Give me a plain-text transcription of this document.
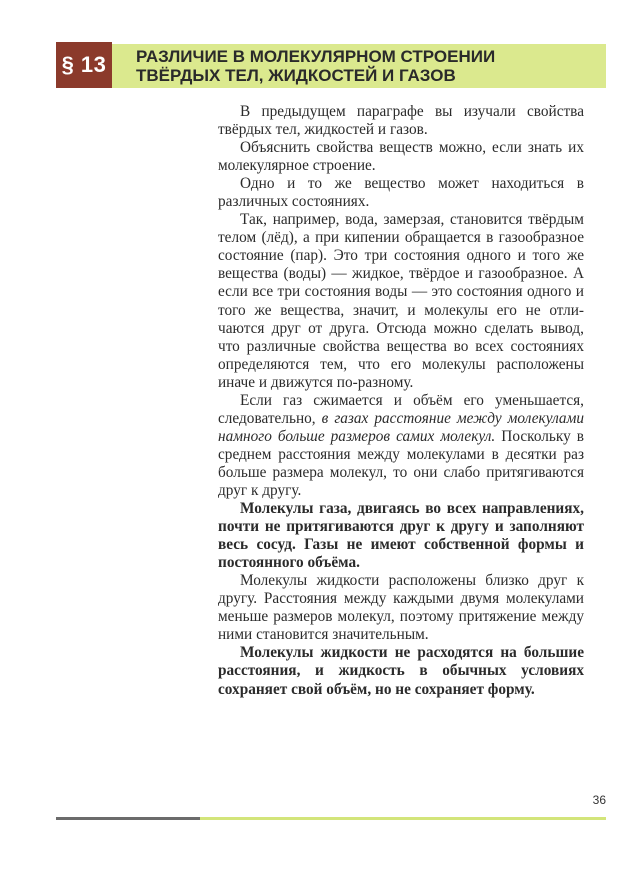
§ 13	РАЗЛИЧИЕ В МОЛЕКУЛЯРНОМ СТРОЕНИИ
ТВЁРДЫХ ТЕЛ, ЖИДКОСТЕЙ И ГАЗОВ

В предыдущем параграфе вы изучали свойства твёрдых тел, жидкостей и газов.

Объяснить свойства веществ можно, если знать их молекулярное строение.

Одно и то же вещество может находиться в различных состояниях.

Так, например, вода, замерзая, становится твёрдым телом (лёд), а при кипении обращается в газообразное состояние (пар). Это три состояния одного и того же вещества (воды) — жидкое, твёрдое и газообразное. А если все три состояния воды — это состояния одного и того же вещества, значит, и молекулы его не отличаются друг от друга. Отсюда можно сделать вывод, что различные свойства вещества во всех состояниях определяются тем, что его молекулы расположены иначе и движутся по-разному.

Если газ сжимается и объём его уменьшается, следовательно, в газах расстояние между молекулами намного больше размеров самих молекул. Поскольку в среднем расстояния между молекулами в десятки раз больше размера молекул, то они слабо притягиваются друг к другу.

Молекулы газа, двигаясь во всех направлениях, почти не притягиваются друг к другу и заполняют весь сосуд. Газы не имеют собственной формы и постоянного объёма.

Молекулы жидкости расположены близко друг к другу. Расстояния между каждыми двумя молекулами меньше размеров молекул, поэтому притяжение между ними становится значительным.

Молекулы жидкости не расходятся на большие расстояния, и жидкость в обычных условиях сохраняет свой объём, но не сохраняет форму.

36
